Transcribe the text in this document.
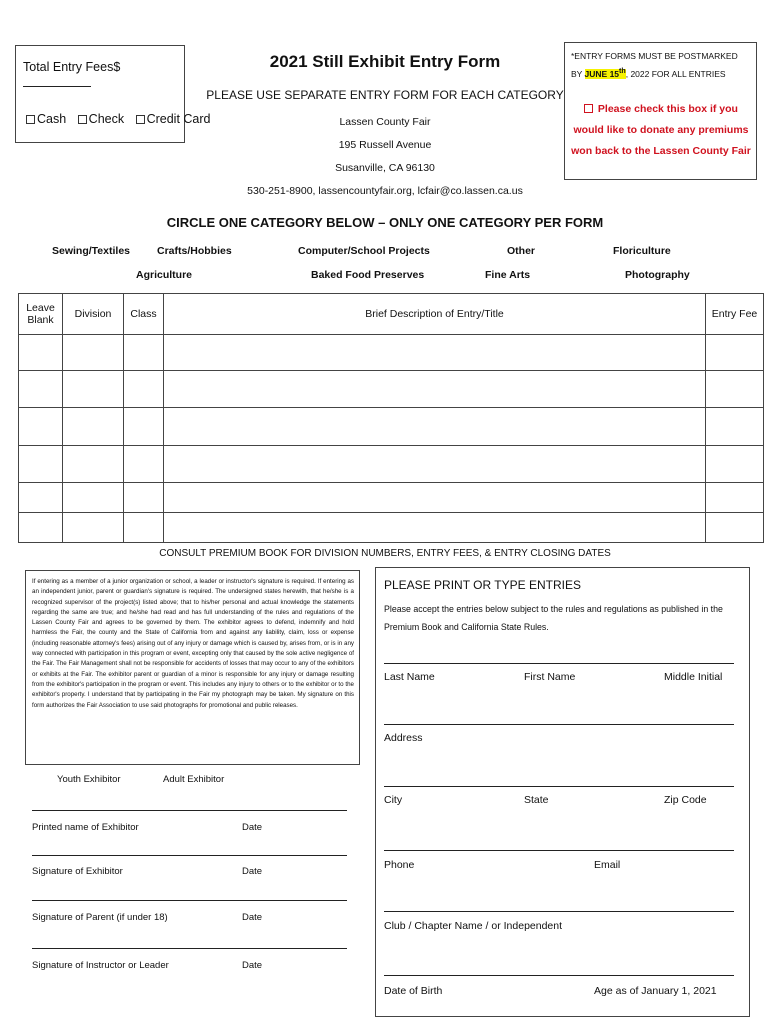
Total Entry Fees$
Cash Check Credit Card
2021 Still Exhibit Entry Form
PLEASE USE SEPARATE ENTRY FORM FOR EACH CATEGORY
Lassen County Fair
195 Russell Avenue
Susanville, CA 96130
530-251-8900, lassencountyfair.org, lcfair@co.lassen.ca.us
*ENTRY FORMS MUST BE POSTMARKED BY JUNE 15th, 2022 FOR ALL ENTRIES
Please check this box if you would like to donate any premiums won back to the Lassen County Fair
CIRCLE ONE CATEGORY BELOW – ONLY ONE CATEGORY PER FORM
Sewing/Textiles	Crafts/Hobbies	Computer/School Projects	Other	Floriculture
Agriculture	Baked Food Preserves	Fine Arts	Photography
Leave Blank	Division	Class	Brief Description of Entry/Title	Entry Fee

CONSULT PREMIUM BOOK FOR DIVISION NUMBERS, ENTRY FEES, & ENTRY CLOSING DATES

If entering as a member of a junior organization or school, a leader or instructor's signature is required. If entering as an independent junior, parent or guardian's signature is required. The undersigned states herewith, that he/she is a recognized supervisor of the project(s) listed above; that to his/her personal and actual knowledge the statements regarding the same are true; and he/she had read and has full understanding of the rules and regulations of the Lassen County Fair and agrees to be governed by them. The exhibitor agrees to defend, indemnify and hold harmless the Fair, the county and the State of California from and against any liability, claim, loss or expense (including reasonable attorney's fees) arising out of any injury or damage which is caused by, arises from, or is in any way connected with participation in this program or event, excepting only that caused by the sole active negligence of the Fair. The Fair Management shall not be responsible for accidents of losses that may occur to any of the exhibitors or exhibits at the Fair. The exhibitor parent or guardian of a minor is responsible for any injury or damage resulting from the exhibitor's participation in the program or event. This includes any injury to others or to the exhibitor or to the exhibitor's property. I understand that by participating in the Fair my photograph may be taken. My signature on this form authorizes the Fair Association to use said photographs for promotional and public releases.

Youth Exhibitor	Adult Exhibitor
Printed name of Exhibitor	Date
Signature of Exhibitor	Date
Signature of Parent (if under 18)	Date
Signature of Instructor or Leader	Date
PLEASE PRINT OR TYPE ENTRIES
Please accept the entries below subject to the rules and regulations as published in the Premium Book and California State Rules.
Last Name	First Name	Middle Initial
Address
City	State	Zip Code
Phone	Email
Club / Chapter Name / or Independent
Date of Birth	Age as of January 1, 2021
